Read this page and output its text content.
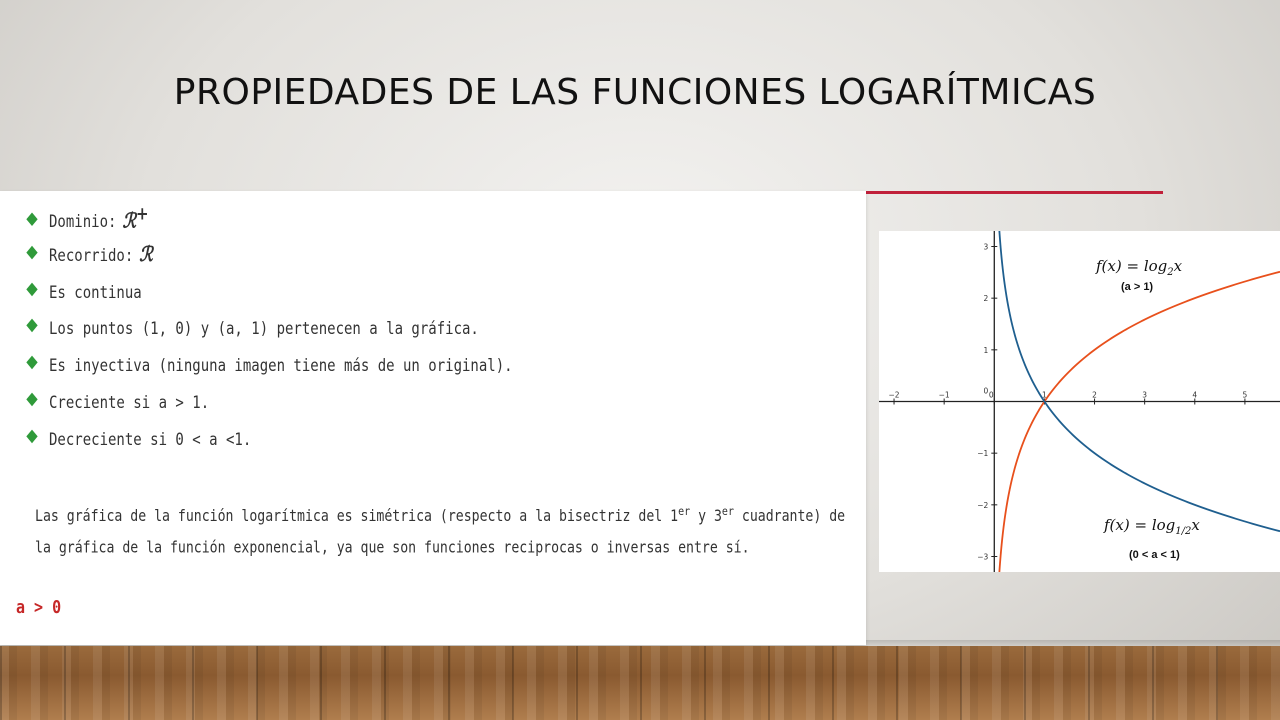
PROPIEDADES DE LAS FUNCIONES LOGARÍTMICAS
Dominio: ℛ+
Recorrido: ℛ
Es continua
Los puntos (1, 0) y (a, 1) pertenecen a la gráfica.
Es inyectiva (ninguna imagen tiene más de un original).
Creciente si a > 1.
Decreciente si 0 < a <1.

Las gráfica de la función logarítmica es simétrica (respecto a la bisectriz del 1er y 3er cuadrante) de la gráfica de la función exponencial, ya que son funciones reciprocas o inversas entre sí.

a > 0
−2	−1	0	1	2	3	4	5
3
2
1
0
−1
−2
−3
$f(x) = \log_2x$
(a > 1)
$f(x) = \log_{1/2}x$
(0 < a < 1)
